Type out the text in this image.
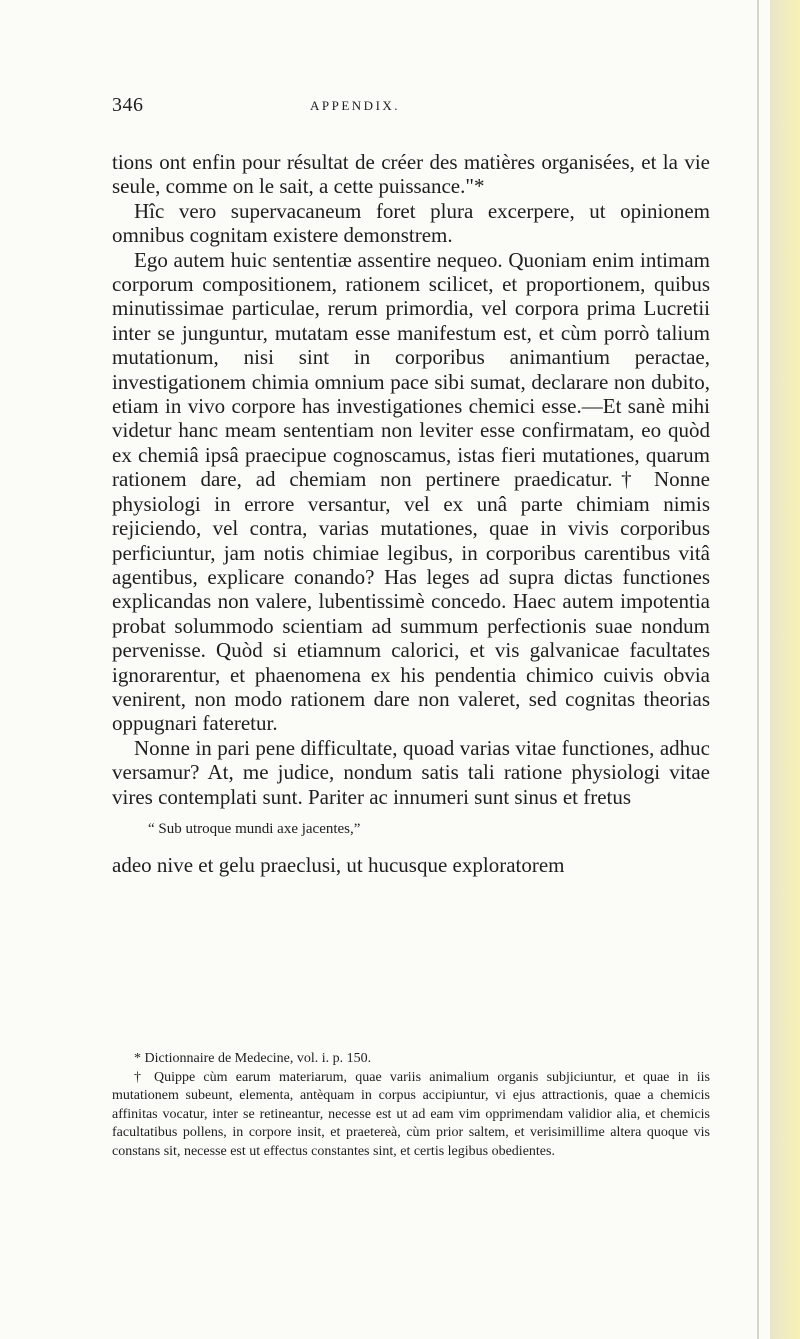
346	APPENDIX.

tions ont enfin pour résultat de créer des matières organisées, et la vie seule, comme on le sait, a cette puissance."*

Hîc vero supervacaneum foret plura excerpere, ut opinionem omnibus cognitam existere demonstrem.

Ego autem huic sententiæ assentire nequeo. Quoniam enim intimam corporum compositionem, rationem scilicet, et proportionem, quibus minutissimae particulae, rerum primordia, vel corpora prima Lucretii inter se junguntur, mutatam esse manifestum est, et cùm porrò talium mutationum, nisi sint in corporibus animantium peractae, investigationem chimia omnium pace sibi sumat, declarare non dubito, etiam in vivo corpore has investigationes chemici esse.—Et sanè mihi videtur hanc meam sententiam non leviter esse confirmatam, eo quòd ex chemiâ ipsâ praecipue cognoscamus, istas fieri mutationes, quarum rationem dare, ad chemiam non pertinere praedicatur.† Nonne physiologi in errore versantur, vel ex unâ parte chimiam nimis rejiciendo, vel contra, varias mutationes, quae in vivis corporibus perficiuntur, jam notis chimiae legibus, in corporibus carentibus vitâ agentibus, explicare conando? Has leges ad supra dictas functiones explicandas non valere, lubentissimè concedo. Haec autem impotentia probat solummodo scientiam ad summum perfectionis suae nondum pervenisse. Quòd si etiamnum calorici, et vis galvanicae facultates ignorarentur, et phaenomena ex his pendentia chimico cuivis obvia venirent, non modo rationem dare non valeret, sed cognitas theorias oppugnari fateretur.

Nonne in pari pene difficultate, quoad varias vitae functiones, adhuc versamur? At, me judice, nondum satis tali ratione physiologi vitae vires contemplati sunt. Pariter ac innumeri sunt sinus et fretus

“ Sub utroque mundi axe jacentes,”

adeo nive et gelu praeclusi, ut hucusque exploratorem

* Dictionnaire de Medecine, vol. i. p. 150.

† Quippe cùm earum materiarum, quae variis animalium organis subjiciuntur, et quae in iis mutationem subeunt, elementa, antèquam in corpus accipiuntur, vi ejus attractionis, quae a chemicis affinitas vocatur, inter se retineantur, necesse est ut ad eam vim opprimendam validior alia, et chemicis facultatibus pollens, in corpore insit, et praetereà, cùm prior saltem, et verisimillime altera quoque vis constans sit, necesse est ut effectus constantes sint, et certis legibus obedientes.
